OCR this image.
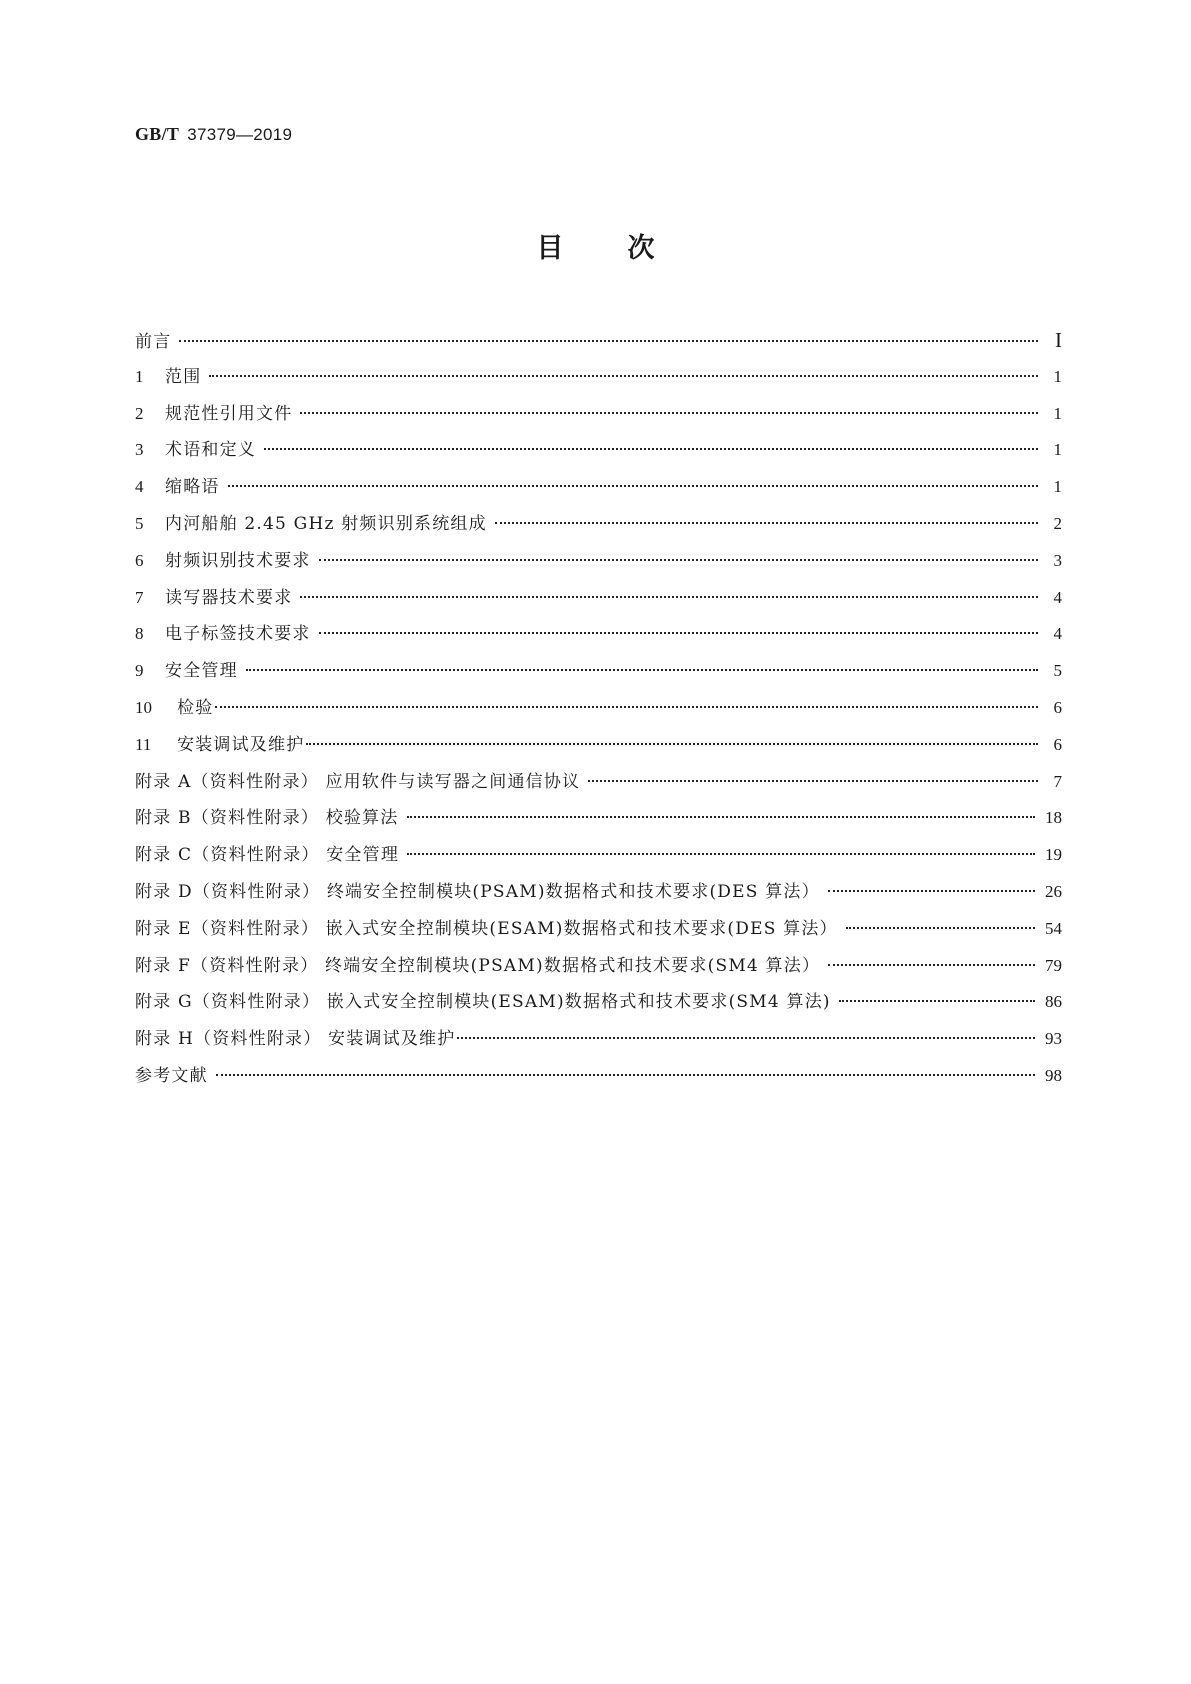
GB/T 37379—2019
目 次
前言	I
1	范围	1
2	规范性引用文件	1
3	术语和定义	1
4	缩略语	1
5	内河船舶 2.45 GHz 射频识别系统组成	2
6	射频识别技术要求	3
7	读写器技术要求	4
8	电子标签技术要求	4
9	安全管理	5
10	检验	6
11	安装调试及维护	6
附录 A（资料性附录） 应用软件与读写器之间通信协议	7
附录 B（资料性附录） 校验算法	18
附录 C（资料性附录） 安全管理	19
附录 D（资料性附录） 终端安全控制模块(PSAM)数据格式和技术要求(DES 算法）	26
附录 E（资料性附录） 嵌入式安全控制模块(ESAM)数据格式和技术要求(DES 算法）	54
附录 F（资料性附录） 终端安全控制模块(PSAM)数据格式和技术要求(SM4 算法）	79
附录 G（资料性附录） 嵌入式安全控制模块(ESAM)数据格式和技术要求(SM4 算法)	86
附录 H（资料性附录） 安装调试及维护	93
参考文献	98
